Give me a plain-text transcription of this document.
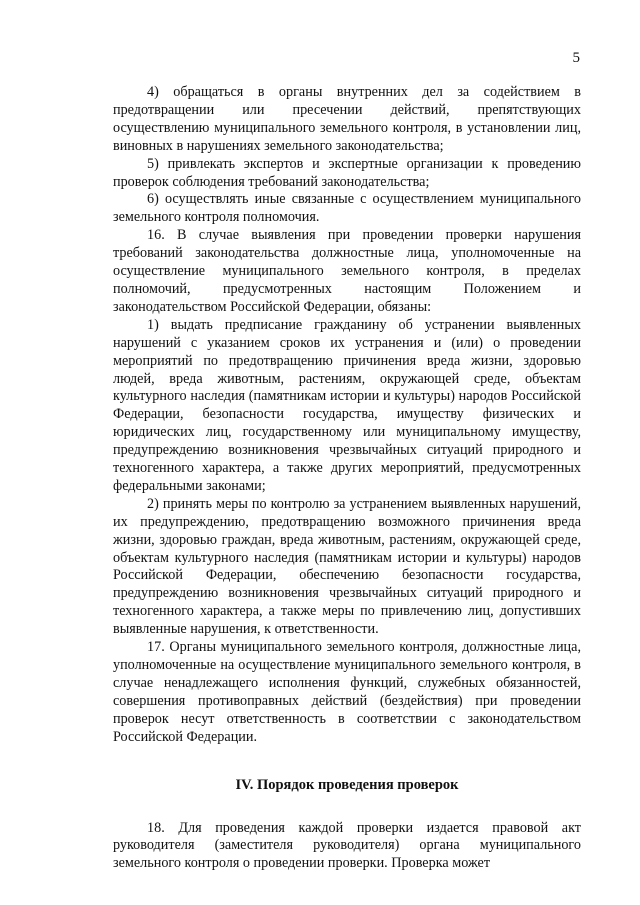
5

4) обращаться в органы внутренних дел за содействием в предотвращении или пресечении действий, препятствующих осуществлению муниципального земельного контроля, в установлении лиц, виновных в нарушениях земельного законодательства;

5) привлекать экспертов и экспертные организации к проведению проверок соблюдения требований законодательства;

6) осуществлять иные связанные с осуществлением муниципального земельного контроля полномочия.

16. В случае выявления при проведении проверки нарушения требований законодательства должностные лица, уполномоченные на осуществление муниципального земельного контроля, в пределах полномочий, предусмотренных настоящим Положением и законодательством Российской Федерации, обязаны:

1) выдать предписание гражданину об устранении выявленных нарушений с указанием сроков их устранения и (или) о проведении мероприятий по предотвращению причинения вреда жизни, здоровью людей, вреда животным, растениям, окружающей среде, объектам культурного наследия (памятникам истории и культуры) народов Российской Федерации, безопасности государства, имуществу физических и юридических лиц, государственному или муниципальному имуществу, предупреждению возникновения чрезвычайных ситуаций природного и техногенного характера, а также других мероприятий, предусмотренных федеральными законами;

2) принять меры по контролю за устранением выявленных нарушений, их предупреждению, предотвращению возможного причинения вреда жизни, здоровью граждан, вреда животным, растениям, окружающей среде, объектам культурного наследия (памятникам истории и культуры) народов Российской Федерации, обеспечению безопасности государства, предупреждению возникновения чрезвычайных ситуаций природного и техногенного характера, а также меры по привлечению лиц, допустивших выявленные нарушения, к ответственности.

17. Органы муниципального земельного контроля, должностные лица, уполномоченные на осуществление муниципального земельного контроля, в случае ненадлежащего исполнения функций, служебных обязанностей, совершения противоправных действий (бездействия) при проведении проверок несут ответственность в соответствии с законодательством Российской Федерации.

IV. Порядок проведения проверок

18. Для проведения каждой проверки издается правовой акт руководителя (заместителя руководителя) органа муниципального земельного контроля о проведении проверки. Проверка может
